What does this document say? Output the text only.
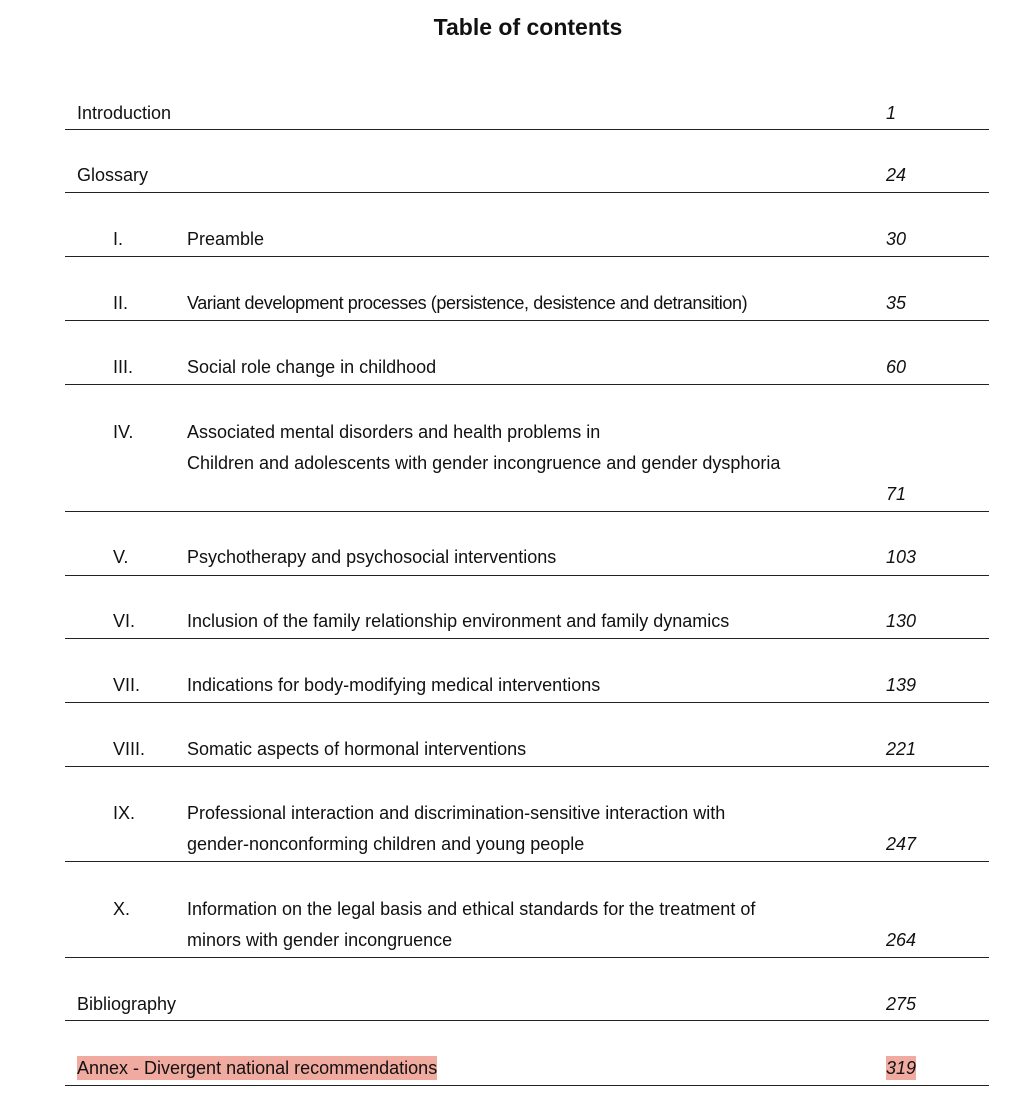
Table of contents
Introduction	1
Glossary	24
I.	Preamble	30
II.	Variant development processes (persistence, desistence and detransition)	35
III.	Social role change in childhood	60
IV.	Associated mental disorders and health problems in
Children and adolescents with gender incongruence and gender dysphoria
71
V.	Psychotherapy and psychosocial interventions	103
VI.	Inclusion of the family relationship environment and family dynamics	130
VII.	Indications for body-modifying medical interventions	139
VIII. Somatic aspects of hormonal interventions	221
IX.	Professional interaction and discrimination-sensitive interaction with
gender-nonconforming children and young people	247
X.	Information on the legal basis and ethical standards for the treatment of
minors with gender incongruence	264
Bibliography	275
Annex - Divergent national recommendations	319
